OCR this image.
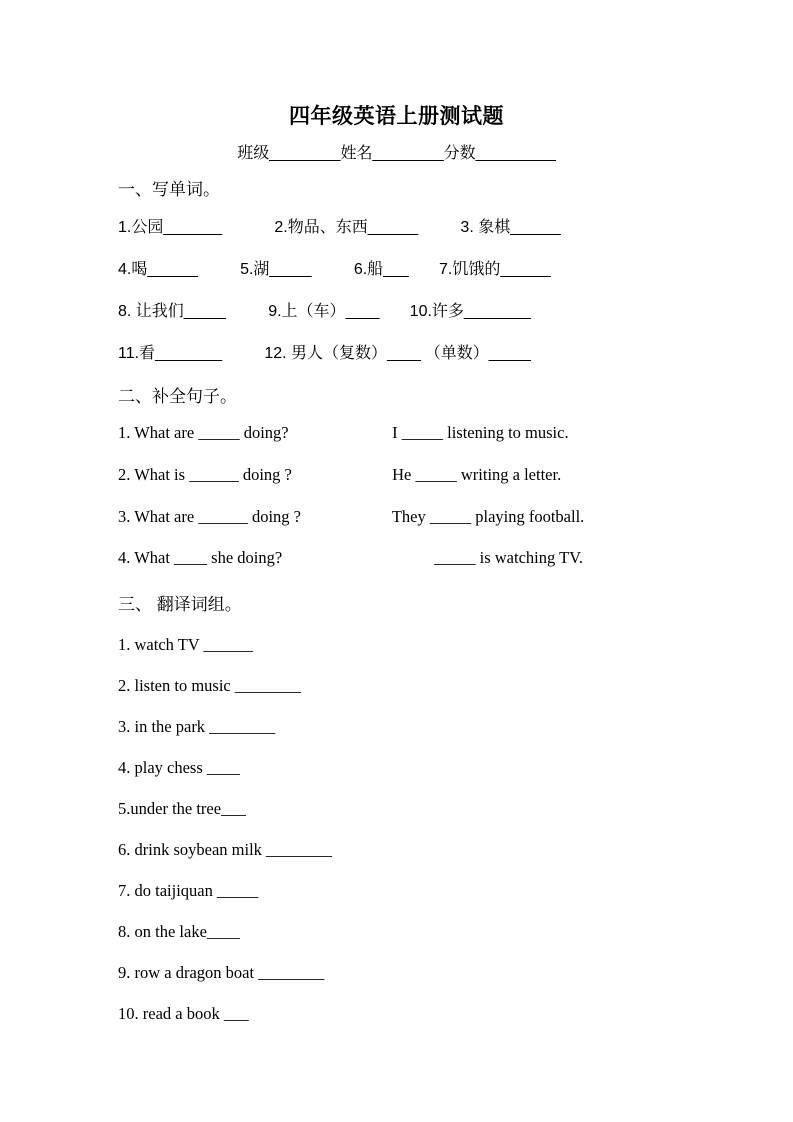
四年级英语上册测试题
班级________姓名________分数_________
一、写单词。
1.公园_______	2.物品、东西______	3. 象棋______
4.喝______	5.湖_____	6.船___ 7.饥饿的______
8. 让我们_____	9.上（车）____ 10.许多________
11.看________	12. 男人（复数）____ （单数）_____
二、补全句子。
1. What are _____ doing?	I _____ listening to music.
2. What is ______ doing ?	He _____ writing a letter.
3. What are ______ doing ?	They _____ playing football.
4. What ____ she doing?	_____ is watching TV.
三、 翻译词组。
1. watch TV ______
2. listen to music ________
3. in the park ________
4. play chess ____
5.under the tree___
6. drink soybean milk ________
7. do taijiquan _____
8. on the lake____
9. row a dragon boat ________
10. read a book ___
